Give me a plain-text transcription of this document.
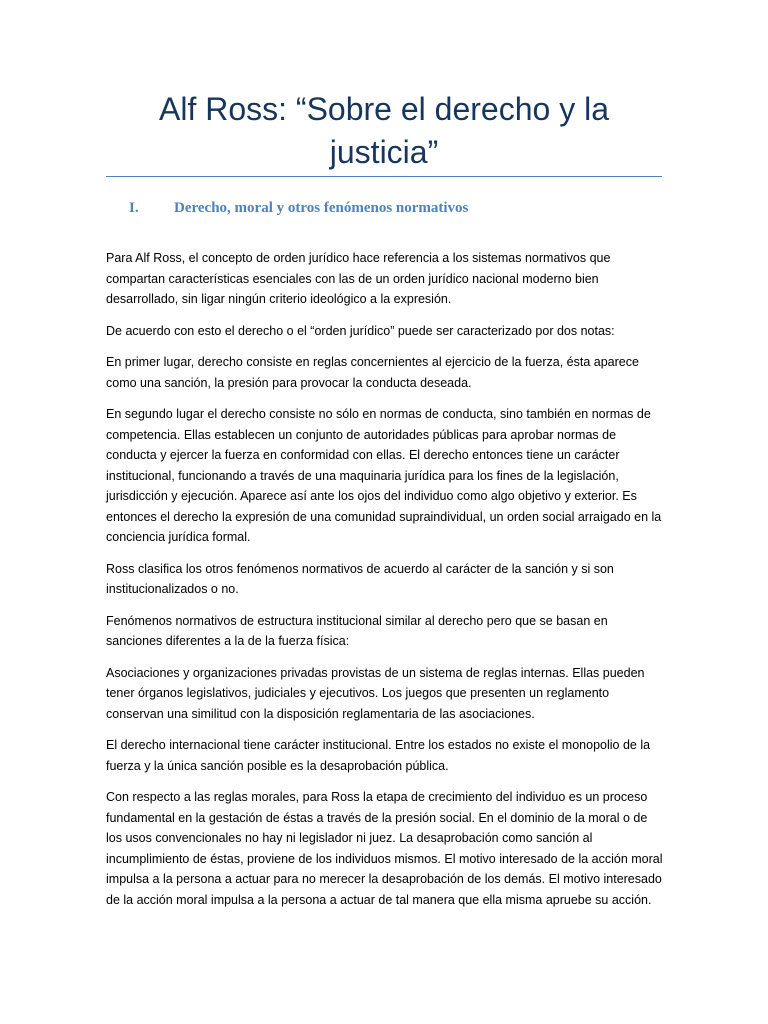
Alf Ross: “Sobre el derecho y la justicia”
I. Derecho, moral y otros fenómenos normativos

Para Alf Ross, el concepto de orden jurídico hace referencia a los sistemas normativos que compartan características esenciales con las de un orden jurídico nacional moderno bien desarrollado, sin ligar ningún criterio ideológico a la expresión.

De acuerdo con esto el derecho o el “orden jurídico” puede ser caracterizado por dos notas:

En primer lugar, derecho consiste en reglas concernientes al ejercicio de la fuerza, ésta aparece como una sanción, la presión para provocar la conducta deseada.

En segundo lugar el derecho consiste no sólo en normas de conducta, sino también en normas de competencia. Ellas establecen un conjunto de autoridades públicas para aprobar normas de conducta y ejercer la fuerza en conformidad con ellas. El derecho entonces tiene un carácter institucional, funcionando a través de una maquinaria jurídica para los fines de la legislación, jurisdicción y ejecución. Aparece así ante los ojos del individuo como algo objetivo y exterior. Es entonces el derecho la expresión de una comunidad supraindividual, un orden social arraigado en la conciencia jurídica formal.

Ross clasifica los otros fenómenos normativos de acuerdo al carácter de la sanción y si son institucionalizados o no.

Fenómenos normativos de estructura institucional similar al derecho pero que se basan en sanciones diferentes a la de la fuerza física:

Asociaciones y organizaciones privadas provistas de un sistema de reglas internas. Ellas pueden tener órganos legislativos, judiciales y ejecutivos. Los juegos que presenten un reglamento conservan una similitud con la disposición reglamentaria de las asociaciones.

El derecho internacional tiene carácter institucional. Entre los estados no existe el monopolio de la fuerza y la única sanción posible es la desaprobación pública.

Con respecto a las reglas morales, para Ross la etapa de crecimiento del individuo es un proceso fundamental en la gestación de éstas a través de la presión social. En el dominio de la moral o de los usos convencionales no hay ni legislador ni juez. La desaprobación como sanción al incumplimiento de éstas, proviene de los individuos mismos. El motivo interesado de la acción moral impulsa a la persona a actuar para no merecer la desaprobación de los demás. El motivo interesado de la acción moral impulsa a la persona a actuar de tal manera que ella misma apruebe su acción.
